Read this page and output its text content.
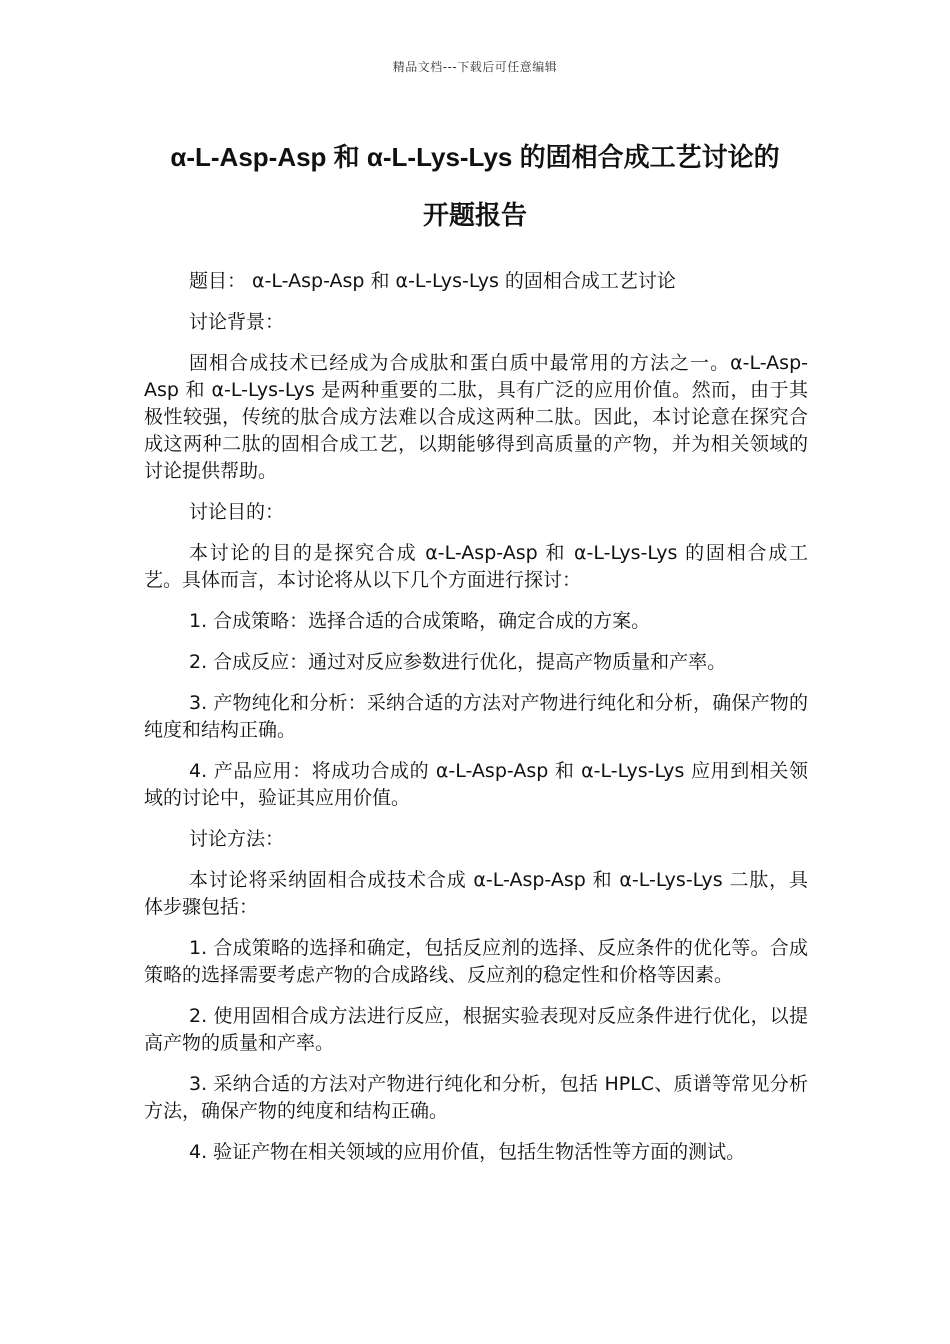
精品文档---下载后可任意编辑
α-L-Asp-Asp 和 α-L-Lys-Lys 的固相合成工艺讨论的
开题报告

题目： α-L-Asp-Asp 和 α-L-Lys-Lys 的固相合成工艺讨论

讨论背景：

固相合成技术已经成为合成肽和蛋白质中最常用的方法之一。α-L-Asp-Asp 和 α-L-Lys-Lys 是两种重要的二肽，具有广泛的应用价值。然而，由于其极性较强，传统的肽合成方法难以合成这两种二肽。因此，本讨论意在探究合成这两种二肽的固相合成工艺，以期能够得到高质量的产物，并为相关领域的讨论提供帮助。

讨论目的：

本讨论的目的是探究合成 α-L-Asp-Asp 和 α-L-Lys-Lys 的固相合成工艺。具体而言，本讨论将从以下几个方面进行探讨：

1. 合成策略：选择合适的合成策略，确定合成的方案。

2. 合成反应：通过对反应参数进行优化，提高产物质量和产率。

3. 产物纯化和分析：采纳合适的方法对产物进行纯化和分析，确保产物的纯度和结构正确。

4. 产品应用：将成功合成的 α-L-Asp-Asp 和 α-L-Lys-Lys 应用到相关领域的讨论中，验证其应用价值。

讨论方法：

本讨论将采纳固相合成技术合成 α-L-Asp-Asp 和 α-L-Lys-Lys 二肽，具体步骤包括：

1. 合成策略的选择和确定，包括反应剂的选择、反应条件的优化等。合成策略的选择需要考虑产物的合成路线、反应剂的稳定性和价格等因素。

2. 使用固相合成方法进行反应，根据实验表现对反应条件进行优化，以提高产物的质量和产率。

3. 采纳合适的方法对产物进行纯化和分析，包括 HPLC、质谱等常见分析方法，确保产物的纯度和结构正确。

4. 验证产物在相关领域的应用价值，包括生物活性等方面的测试。
